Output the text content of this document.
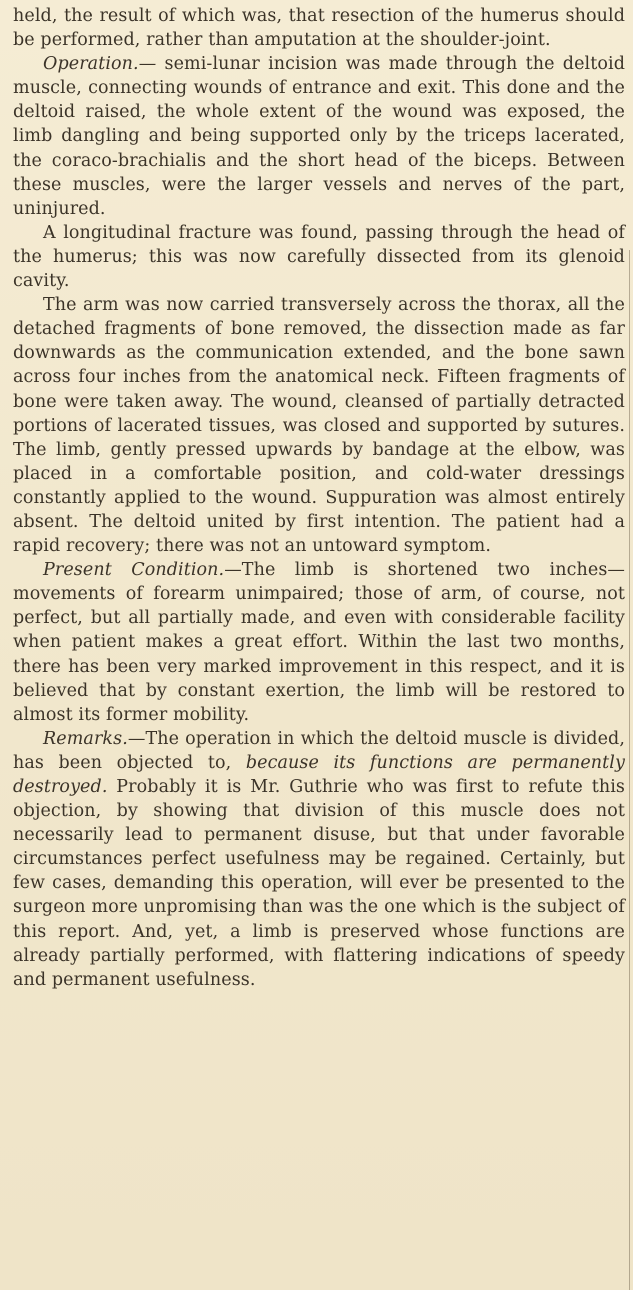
held, the result of which was, that resection of the humerus should be performed, rather than amputation at the shoulder-joint.

Operation.— semi-lunar incision was made through the deltoid muscle, connecting wounds of entrance and exit. This done and the deltoid raised, the whole extent of the wound was exposed, the limb dangling and being supported only by the triceps lacerated, the coraco-brachialis and the short head of the biceps. Between these muscles, were the larger vessels and nerves of the part, uninjured.

A longitudinal fracture was found, passing through the head of the humerus; this was now carefully dissected from its glenoid cavity.

The arm was now carried transversely across the thorax, all the detached fragments of bone removed, the dissection made as far downwards as the communication extended, and the bone sawn across four inches from the anatomical neck. Fifteen fragments of bone were taken away. The wound, cleansed of partially detracted portions of lacerated tissues, was closed and supported by sutures. The limb, gently pressed upwards by bandage at the elbow, was placed in a comfortable position, and cold-water dressings constantly applied to the wound. Suppuration was almost entirely absent. The deltoid united by first intention. The patient had a rapid recovery; there was not an untoward symptom.

Present Condition.—The limb is shortened two inches—movements of forearm unimpaired; those of arm, of course, not perfect, but all partially made, and even with considerable facility when patient makes a great effort. Within the last two months, there has been very marked improvement in this respect, and it is believed that by constant exertion, the limb will be restored to almost its former mobility.

Remarks.—The operation in which the deltoid muscle is divided, has been objected to, because its functions are permanently destroyed. Probably it is Mr. Guthrie who was first to refute this objection, by showing that division of this muscle does not necessarily lead to permanent disuse, but that under favorable circumstances perfect usefulness may be regained. Certainly, but few cases, demanding this operation, will ever be presented to the surgeon more unpromising than was the one which is the subject of this report. And, yet, a limb is preserved whose functions are already partially performed, with flattering indications of speedy and permanent usefulness.
